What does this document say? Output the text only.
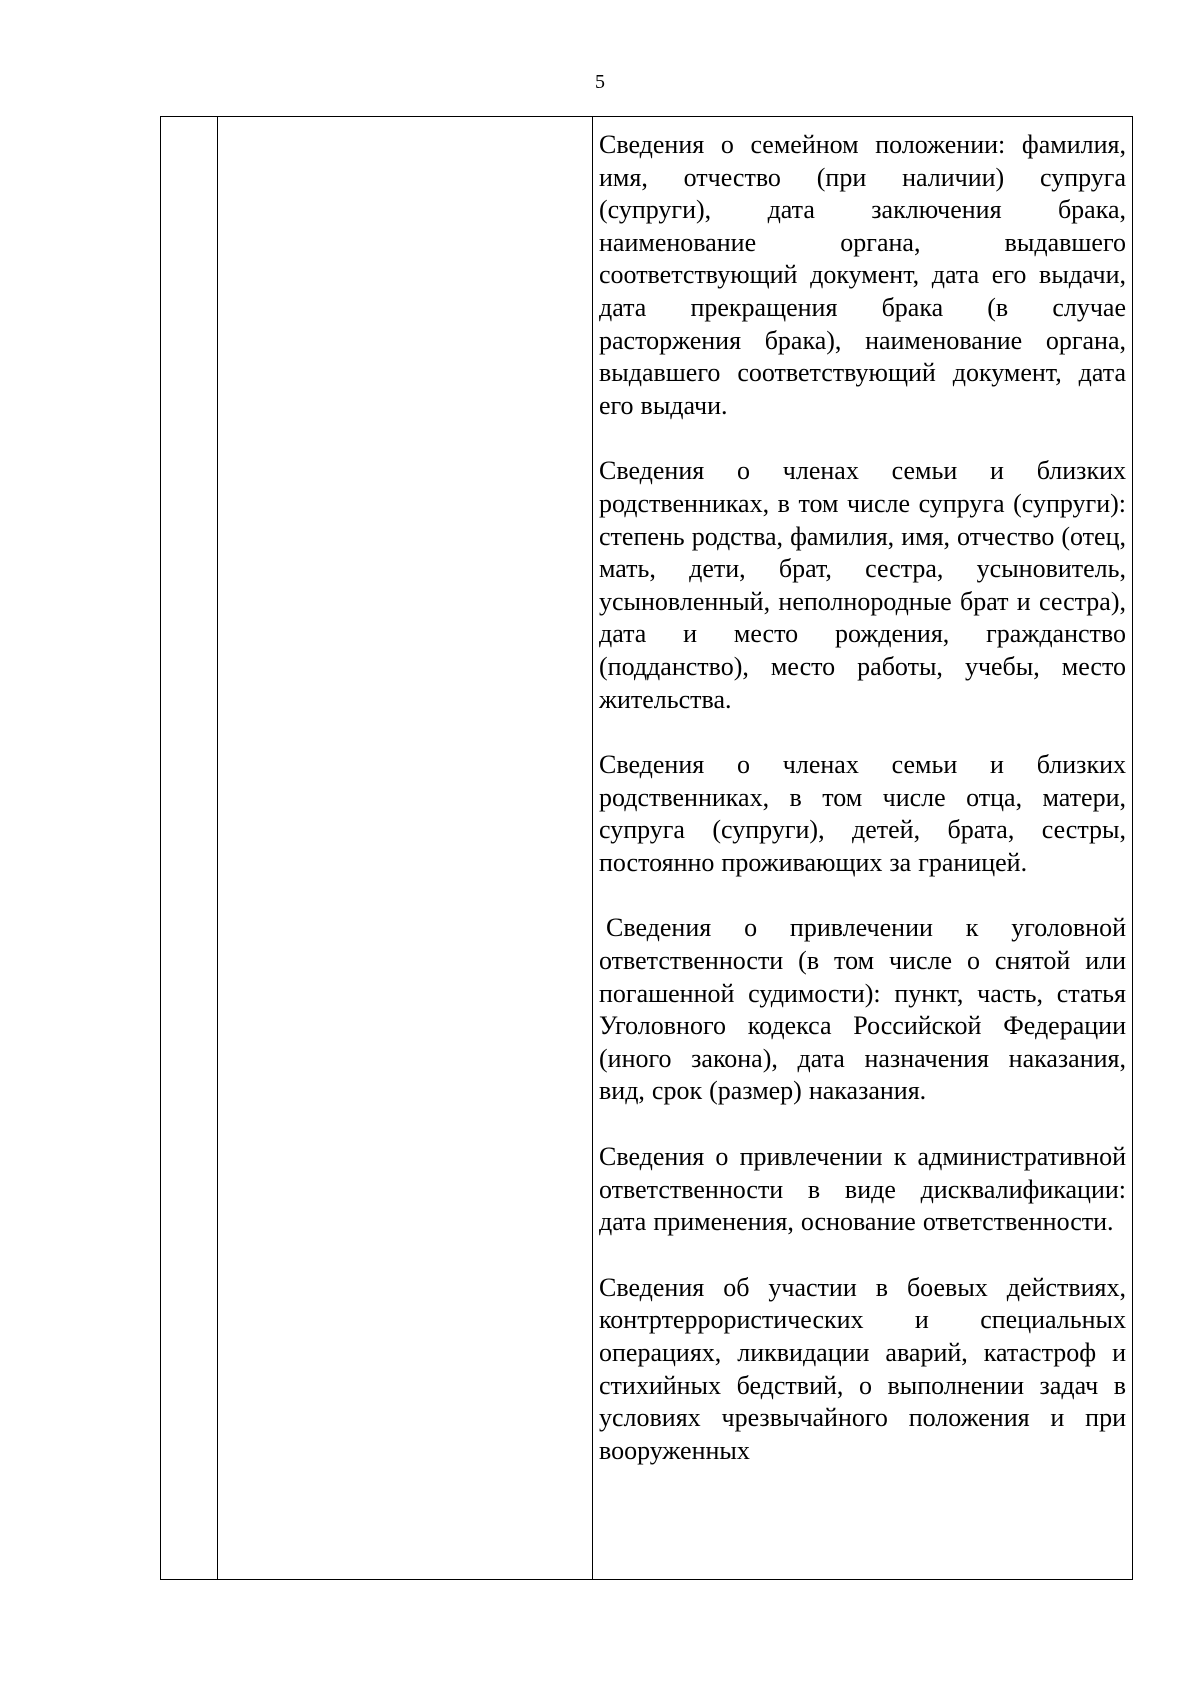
5

Сведения о семейном положении: фамилия, имя, отчество (при наличии) супруга (супруги), дата заключения брака, наименование органа, выдавшего соответствующий документ, дата его выдачи, дата прекращения брака (в случае расторжения брака), наименование органа, выдавшего соответствующий документ, дата его выдачи.

Сведения о членах семьи и близких родственниках, в том числе супруга (супруги): степень родства, фамилия, имя, отчество (отец, мать, дети, брат, сестра, усыновитель, усыновленный, неполнородные брат и сестра), дата и место рождения, гражданство (подданство), место работы, учебы, место жительства.

Сведения о членах семьи и близких родственниках, в том числе отца, матери, супруга (супруги), детей, брата, сестры, постоянно проживающих за границей.

Сведения о привлечении к уголовной ответственности (в том числе о снятой или погашенной судимости): пункт, часть, статья Уголовного кодекса Российской Федерации (иного закона), дата назначения наказания, вид, срок (размер) наказания.

Сведения о привлечении к административной ответственности в виде дисквалификации: дата применения, основание ответственности.

Сведения об участии в боевых действиях, контртеррористических и специальных операциях, ликвидации аварий, катастроф и стихийных бедствий, о выполнении задач в условиях чрезвычайного положения и при вооруженных
